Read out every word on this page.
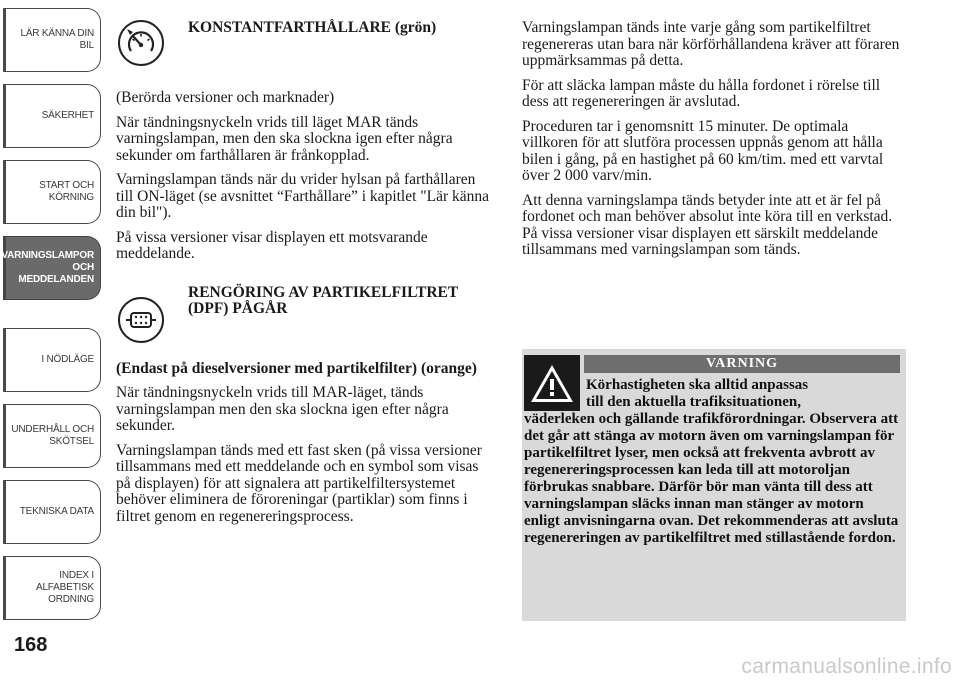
LÄR KÄNNA DIN
BIL
SÄKERHET
START OCH
KÖRNING
VARNINGSLAMPOR
OCH
MEDDELANDEN
I NÖDLÄGE
UNDERHÅLL OCH
SKÖTSEL
TEKNISKA DATA
INDEX I
ALFABETISK
ORDNING
168
KONSTANTFARTHÅLLARE (grön)

(Berörda versioner och marknader)

När tändningsnyckeln vrids till läget MAR tänds varningslampan, men den ska slockna igen efter några sekunder om farthållaren är frånkopplad.

Varningslampan tänds när du vrider hylsan på farthållaren till ON-läget (se avsnittet “Farthållare” i kapitlet "Lär känna din bil").

På vissa versioner visar displayen ett motsvarande meddelande.

RENGÖRING AV PARTIKELFILTRET (DPF) PÅGÅR

(Endast på dieselversioner med partikelfilter) (orange)

När tändningsnyckeln vrids till MAR-läget, tänds varningslampan men den ska slockna igen efter några sekunder.

Varningslampan tänds med ett fast sken (på vissa versioner tillsammans med ett meddelande och en symbol som visas på displayen) för att signalera att partikelfiltersystemet behöver eliminera de föroreningar (partiklar) som finns i filtret genom en regenereringsprocess.

Varningslampan tänds inte varje gång som partikelfiltret regenereras utan bara när körförhållandena kräver att föraren uppmärksammas på detta.

För att släcka lampan måste du hålla fordonet i rörelse till dess att regenereringen är avslutad.

Proceduren tar i genomsnitt 15 minuter. De optimala villkoren för att slutföra processen uppnås genom att hålla bilen i gång, på en hastighet på 60 km/tim. med ett varvtal över 2 000 varv/min.

Att denna varningslampa tänds betyder inte att et är fel på fordonet och man behöver absolut inte köra till en verkstad. På vissa versioner visar displayen ett särskilt meddelande tillsammans med varningslampan som tänds.

VARNING
Körhastigheten ska alltid anpassas
till den aktuella trafiksituationen,
väderleken och gällande trafikförordningar. Observera att det går att stänga av motorn även om varningslampan för partikelfiltret lyser, men också att frekventa avbrott av regenereringsprocessen kan leda till att motoroljan förbrukas snabbare. Därför bör man vänta till dess att varningslampan släcks innan man stänger av motorn enligt anvisningarna ovan. Det rekommenderas att avsluta regenereringen av partikelfiltret med stillastående fordon.
carmanualsonline.info
